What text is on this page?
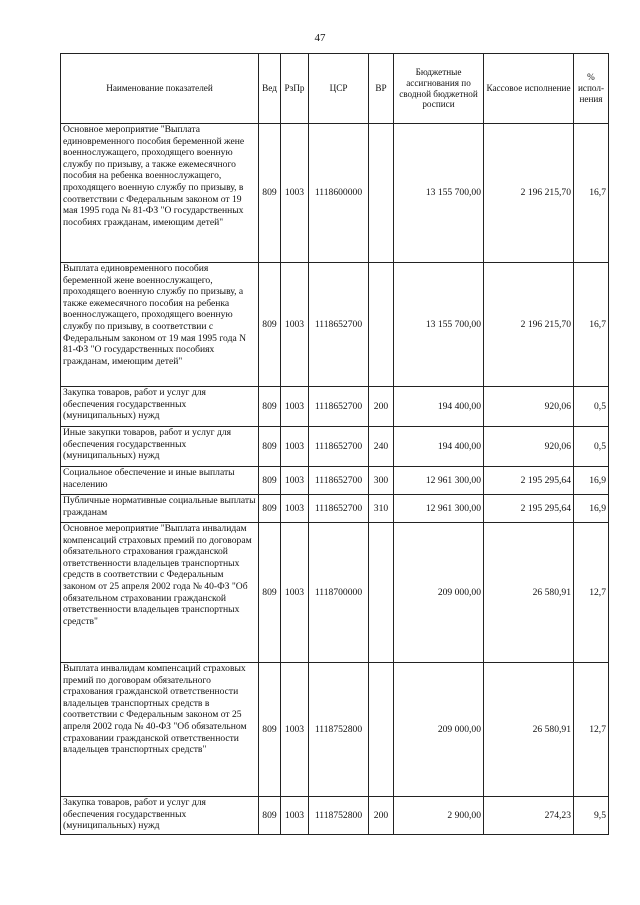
47
Наименование показателей	Вед	РзПр	ЦСР	ВР	Бюджетные ассигнования по сводной бюджетной росписи	Кассовое исполнение	% испол-нения
Основное мероприятие "Выплата единовременного пособия беременной жене военнослужащего, проходящего военную службу по призыву, а также ежемесячного пособия на ребенка военнослужащего, проходящего военную службу по призыву, в соответствии с Федеральным законом от 19 мая 1995 года № 81-ФЗ "О государственных пособиях гражданам, имеющим детей"	809	1003	1118600000		13 155 700,00	2 196 215,70	16,7
Выплата единовременного пособия беременной жене военнослужащего, проходящего военную службу по призыву, а также ежемесячного пособия на ребенка военнослужащего, проходящего военную службу по призыву, в соответствии с Федеральным законом от 19 мая 1995 года N 81-ФЗ "О государственных пособиях гражданам, имеющим детей"	809	1003	1118652700		13 155 700,00	2 196 215,70	16,7
Закупка товаров, работ и услуг для обеспечения государственных (муниципальных) нужд	809	1003	1118652700	200	194 400,00	920,06	0,5
Иные закупки товаров, работ и услуг для обеспечения государственных (муниципальных) нужд	809	1003	1118652700	240	194 400,00	920,06	0,5
Социальное обеспечение и иные выплаты населению	809	1003	1118652700	300	12 961 300,00	2 195 295,64	16,9
Публичные нормативные социальные выплаты гражданам	809	1003	1118652700	310	12 961 300,00	2 195 295,64	16,9
Основное мероприятие "Выплата инвалидам компенсаций страховых премий по договорам обязательного страхования гражданской ответственности владельцев транспортных средств в соответствии с Федеральным законом от 25 апреля 2002 года № 40-ФЗ "Об обязательном страховании гражданской ответственности владельцев транспортных средств"	809	1003	1118700000		209 000,00	26 580,91	12,7
Выплата инвалидам компенсаций страховых премий по договорам обязательного страхования гражданской ответственности владельцев транспортных средств в соответствии с Федеральным законом от 25 апреля 2002 года № 40-ФЗ "Об обязательном страховании гражданской ответственности владельцев транспортных средств"	809	1003	1118752800		209 000,00	26 580,91	12,7
Закупка товаров, работ и услуг для обеспечения государственных (муниципальных) нужд	809	1003	1118752800	200	2 900,00	274,23	9,5
